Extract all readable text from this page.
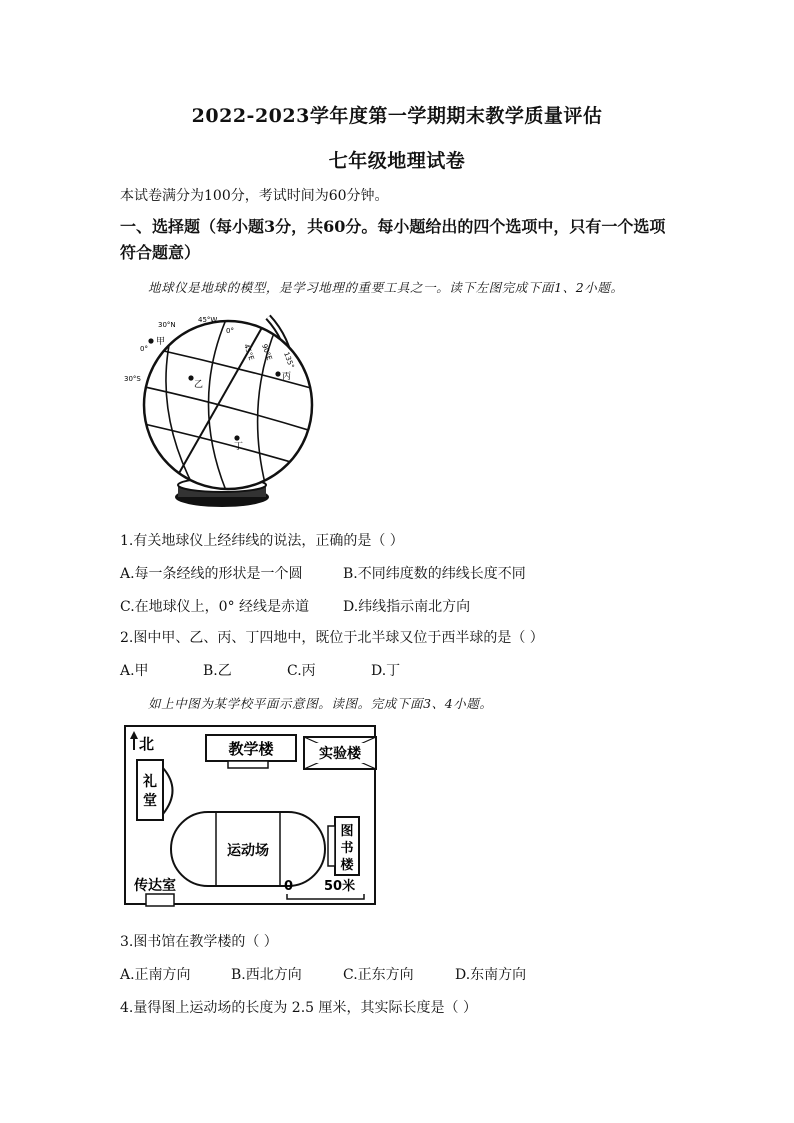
2022-2023学年度第一学期期末教学质量评估
七年级地理试卷
本试卷满分为100分，考试时间为60分钟。
一、选择题（每小题3分，共60分。每小题给出的四个选项中，只有一个选项
符合题意）
地球仪是地球的模型，是学习地理的重要工具之一。读下左图完成下面1、2小题。
甲
乙
丙
丁
30°N
0°
30°S
45°W
0°
45°E 90°E 135°
1.有关地球仪上经纬线的说法，正确的是（ ）
A.每一条经线的形状是一个圆	B.不同纬度数的纬线长度不同
C.在地球仪上，0° 经线是赤道 D.纬线指示南北方向
2.图中甲、乙、丙、丁四地中，既位于北半球又位于西半球的是（ ）
A.甲	B.乙	C.丙	D.丁
如上中图为某学校平面示意图。读图。完成下面3、4小题。
北	教学楼	实验楼
礼
堂
运动场
图
书
楼
传达室	0 50米
3.图书馆在教学楼的（ ）
A.正南方向	B.西北方向	C.正东方向	D.东南方向
4.量得图上运动场的长度为 2.5 厘米，其实际长度是（ ）
